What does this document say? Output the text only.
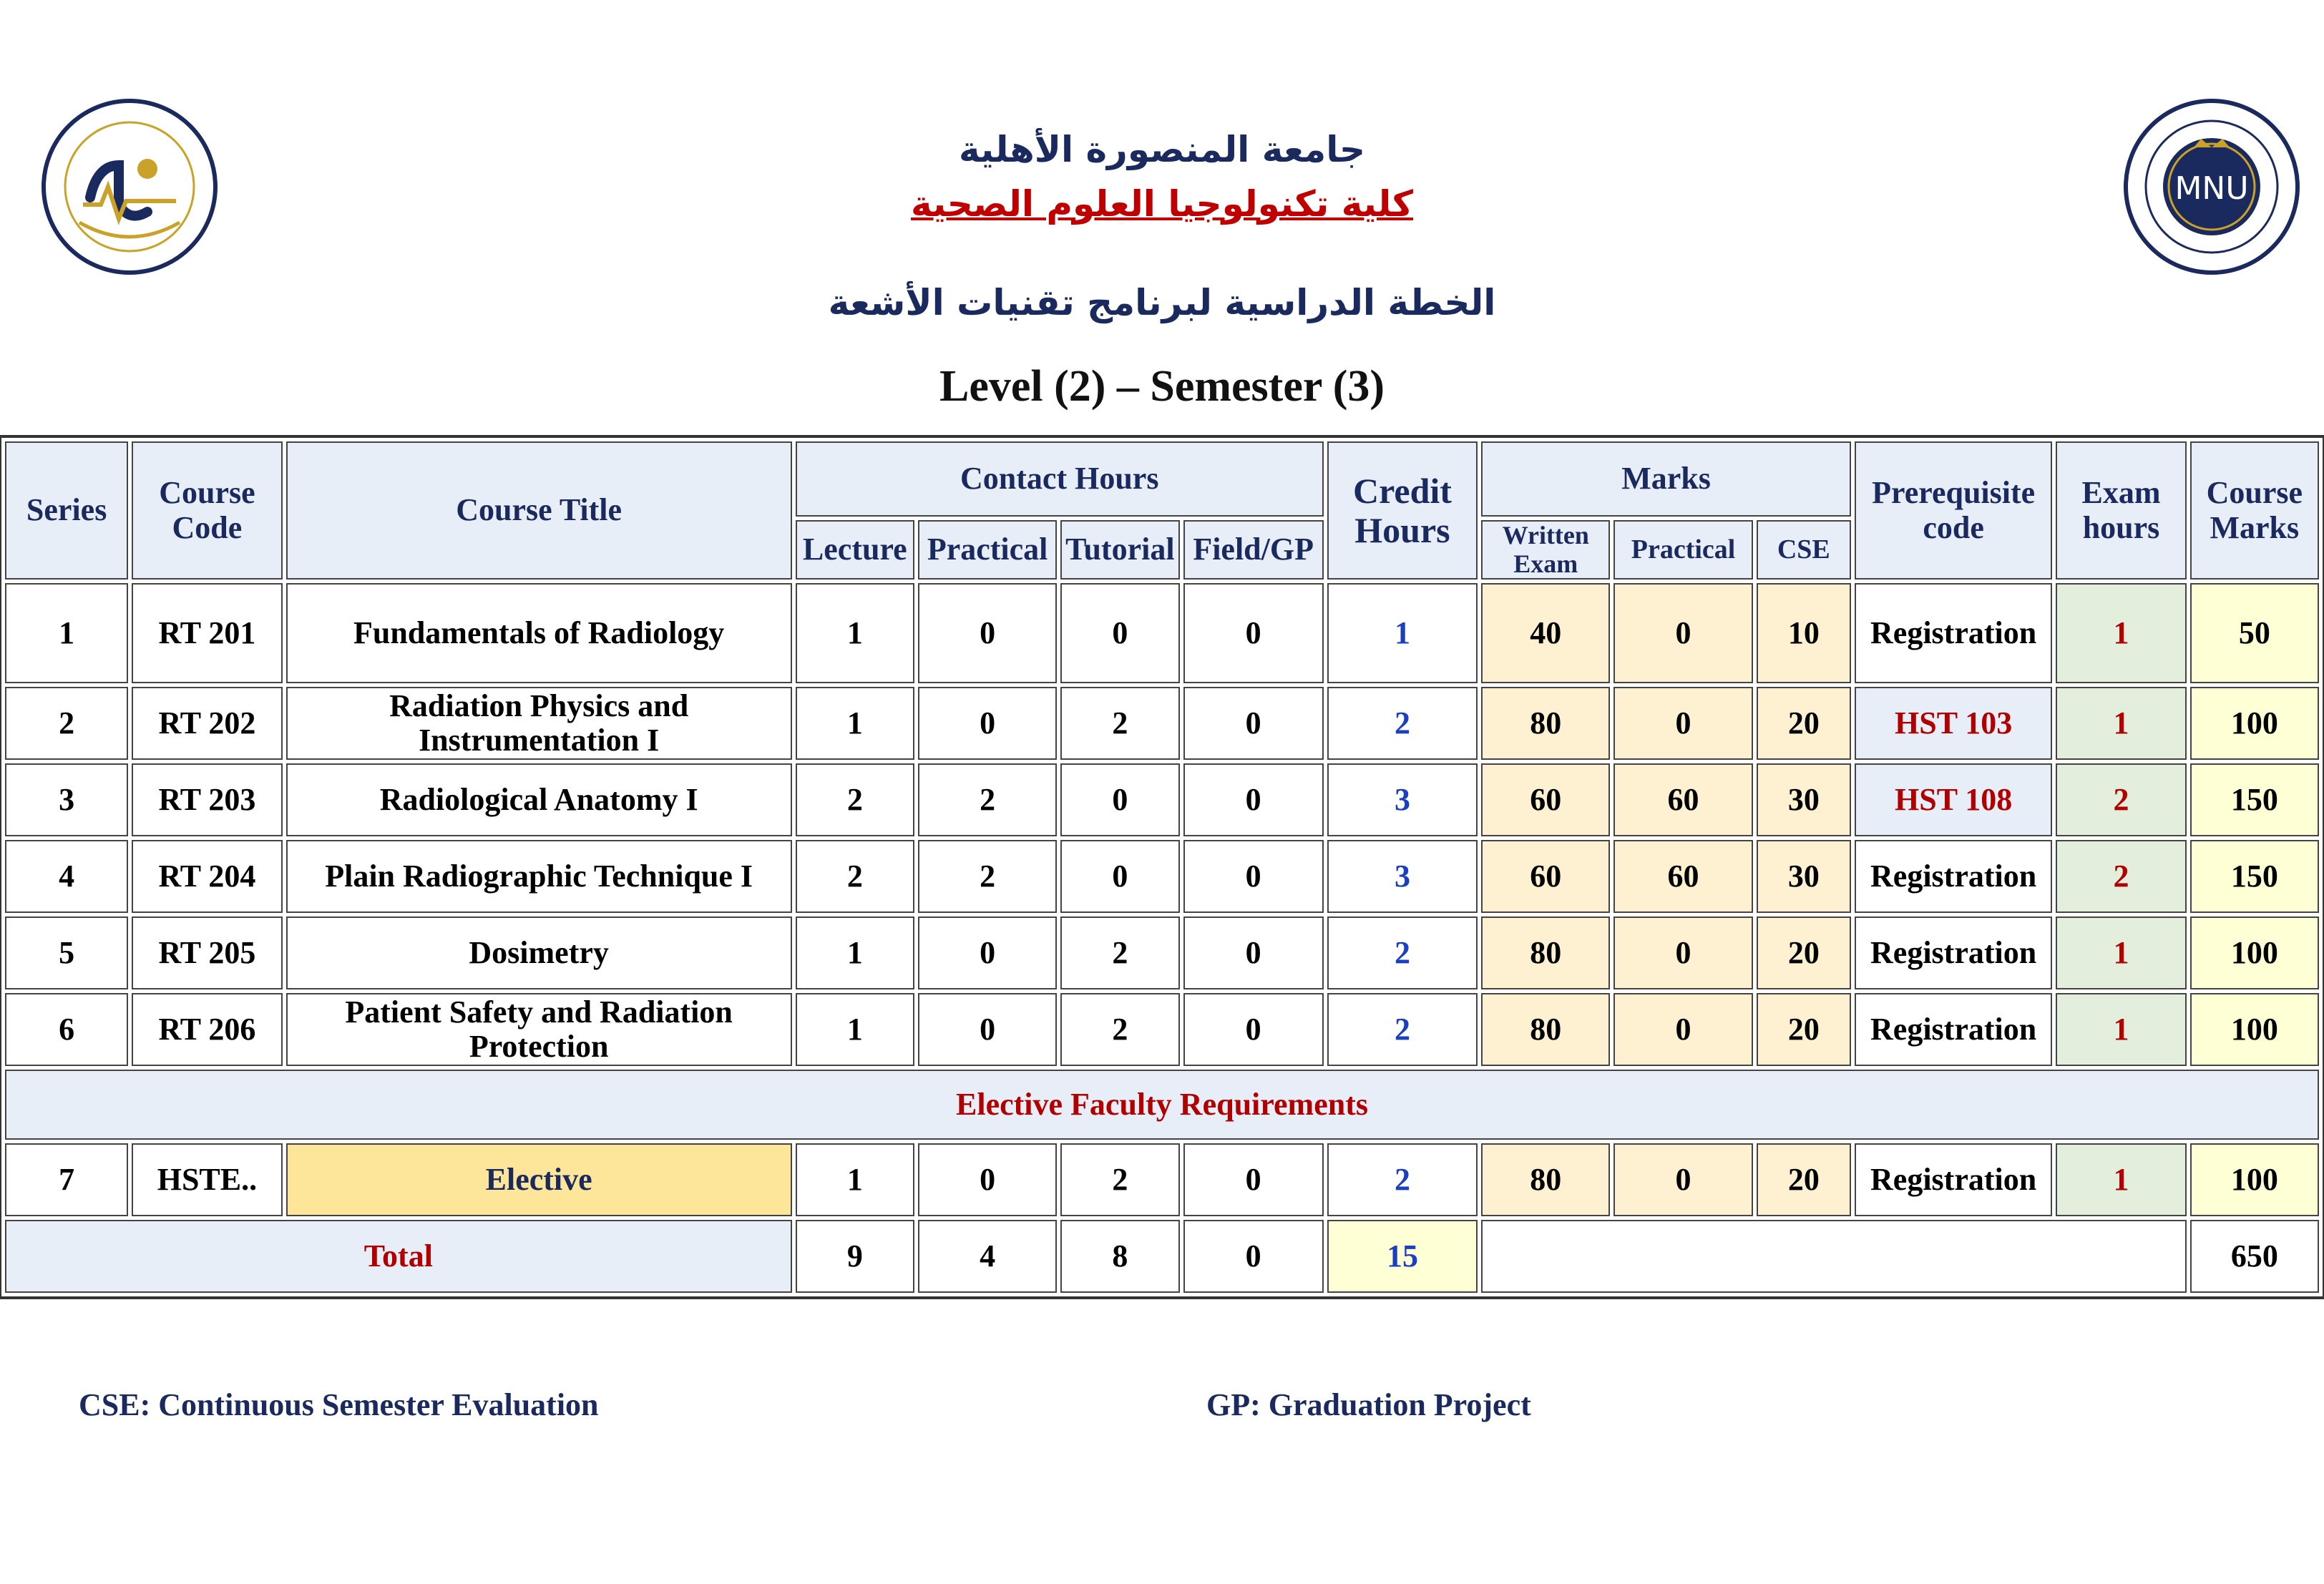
MNU
جامعة المنصورة الأهلية
كلية تكنولوجيا العلوم الصحية
الخطة الدراسية لبرنامج تقنيات الأشعة
Level (2) – Semester (3)
Series	Course Code	Course Title	Contact Hours				Credit Hours	Marks			Prerequisite code	Exam hours	Course Marks
			Lecture	Practical	Tutorial	Field/GP		Written Exam	Practical	CSE			
1	RT 201	Fundamentals of Radiology	1	0	0	0	1	40	0	10	Registration	1	50
2	RT 202	Radiation Physics and Instrumentation I	1	0	2	0	2	80	0	20	HST 103	1	100
3	RT 203	Radiological Anatomy I	2	2	0	0	3	60	60	30	HST 108	2	150
4	RT 204	Plain Radiographic Technique I	2	2	0	0	3	60	60	30	Registration	2	150
5	RT 205	Dosimetry	1	0	2	0	2	80	0	20	Registration	1	100
6	RT 206	Patient Safety and Radiation Protection	1	0	2	0	2	80	0	20	Registration	1	100
Elective Faculty Requirements													
7	HSTE..	Elective	1	0	2	0	2	80	0	20	Registration	1	100
Total			9	4	8	0	15						650
CSE: Continuous Semester Evaluation	GP: Graduation Project
